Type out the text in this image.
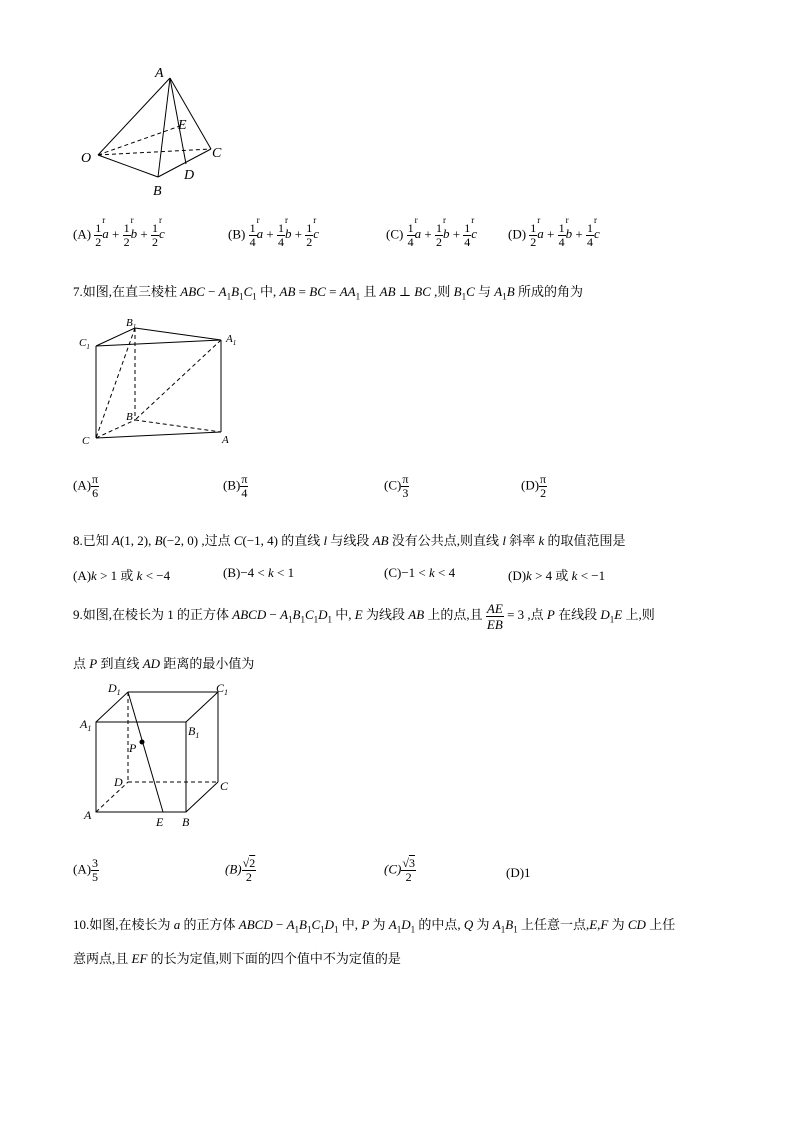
A
E
O	C
D
B
$(A) \frac{1}{2}$ r $a + \frac{1}{2}$ r $b + \frac{1}{2}$ r c	$(B) \frac{1}{4}$ r $a + \frac{1}{4}$ r $b + \frac{1}{2}$ r c	$(C) \frac{1}{4}$ r $a + \frac{1}{2}$ r $b + \frac{1}{4}$ r c $(D) \frac{1}{2}$ r $a + \frac{1}{4}$ r $b + \frac{1}{4}$ r c
7.如图,在直三棱柱 ABC − $A_1B_1C_1$ 中, AB = BC = $AA_1$ 且 AB ⊥ BC ,则 $B_1C$ 与 $A_1B$ 所成的角为
$C_1$
$B_1$
$A_1$
B
C	A
$(A) \frac{\pi}{6}$	$(B) \frac{\pi}{4}$	$(C) \frac{\pi}{3}$	$(D) \frac{\pi}{2}$
8.已知 A(1, 2), B(−2, 0) ,过点 C(−1, 4) 的直线 l 与线段 AB 没有公共点,则直线 l 斜率 k 的取值范围是
(A)k > 1 或 k < −4	(B)−4 < k < 1	(C)−1 < k < 4	(D)k > 4 或 k < −1
9.如图,在棱长为 1 的正方体 ABCD − $A_1B_1C_1D_1$ 中, E 为线段 AB 上的点,且 $\frac{AE}{EB} = 3$ ,点 P 在线段 $D_1E$ 上,则
点 P 到直线 AD 距离的最小值为
$D_1$	$C_1$
$A_1$	$B_1$
P
D	C
A	E B
$(A) \frac{3}{5}$	$(B) \frac{√2}{2}$	$(C) \frac{√3}{2}$	(D)1
10.如图,在棱长为 a 的正方体 ABCD − $A_1B_1C_1D_1$ 中, P 为 $A_1D_1$ 的中点, Q 为 $A_1B_1$ 上任意一点,E,F 为 CD 上任
意两点,且 EF 的长为定值,则下面的四个值中不为定值的是
